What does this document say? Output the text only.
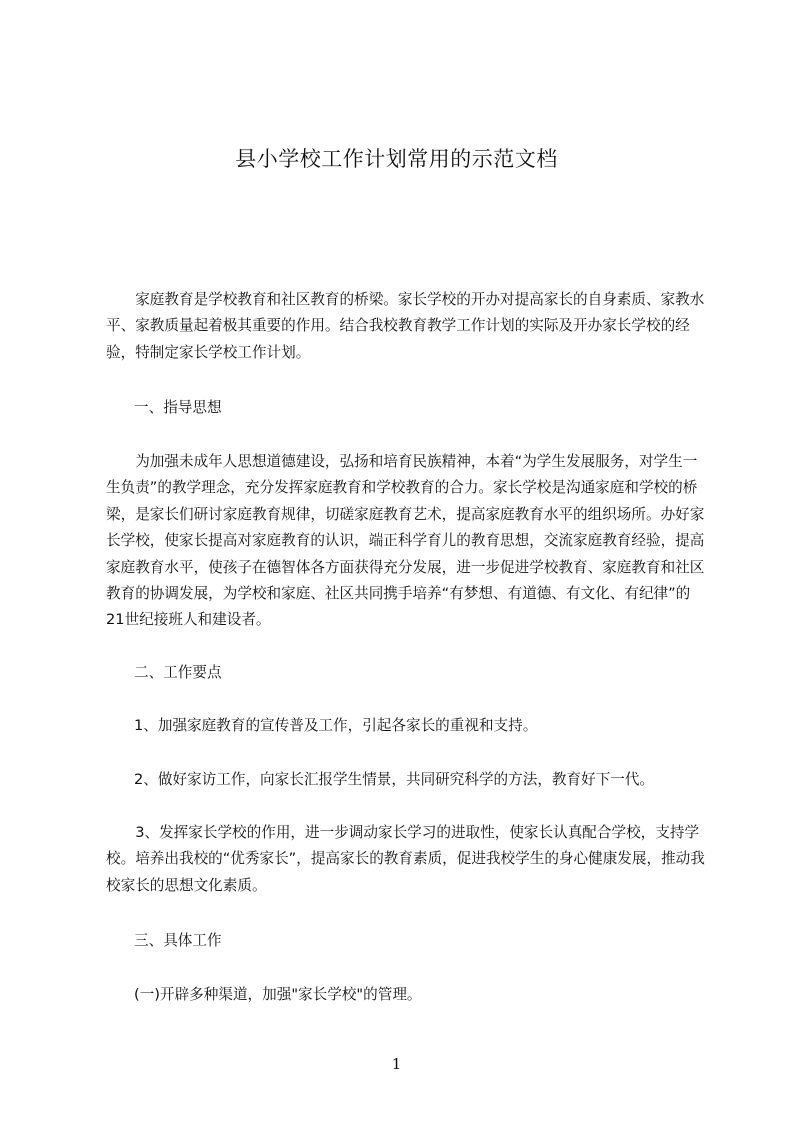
县小学校工作计划常用的示范文档

家庭教育是学校教育和社区教育的桥梁。家长学校的开办对提高家长的自身素质、家教水平、家教质量起着极其重要的作用。结合我校教育教学工作计划的实际及开办家长学校的经验，特制定家长学校工作计划。

一、指导思想

为加强未成年人思想道德建设，弘扬和培育民族精神，本着“为学生发展服务，对学生一生负责”的教学理念，充分发挥家庭教育和学校教育的合力。家长学校是沟通家庭和学校的桥梁，是家长们研讨家庭教育规律，切磋家庭教育艺术，提高家庭教育水平的组织场所。办好家长学校，使家长提高对家庭教育的认识，端正科学育儿的教育思想，交流家庭教育经验，提高家庭教育水平，使孩子在德智体各方面获得充分发展，进一步促进学校教育、家庭教育和社区教育的协调发展，为学校和家庭、社区共同携手培养“有梦想、有道德、有文化、有纪律”的21世纪接班人和建设者。

二、工作要点

1、加强家庭教育的宣传普及工作，引起各家长的重视和支持。

2、做好家访工作，向家长汇报学生情景，共同研究科学的方法，教育好下一代。

3、发挥家长学校的作用，进一步调动家长学习的进取性，使家长认真配合学校，支持学校。培养出我校的“优秀家长”，提高家长的教育素质，促进我校学生的身心健康发展，推动我校家长的思想文化素质。

三、具体工作

(一)开辟多种渠道，加强"家长学校"的管理。

1
